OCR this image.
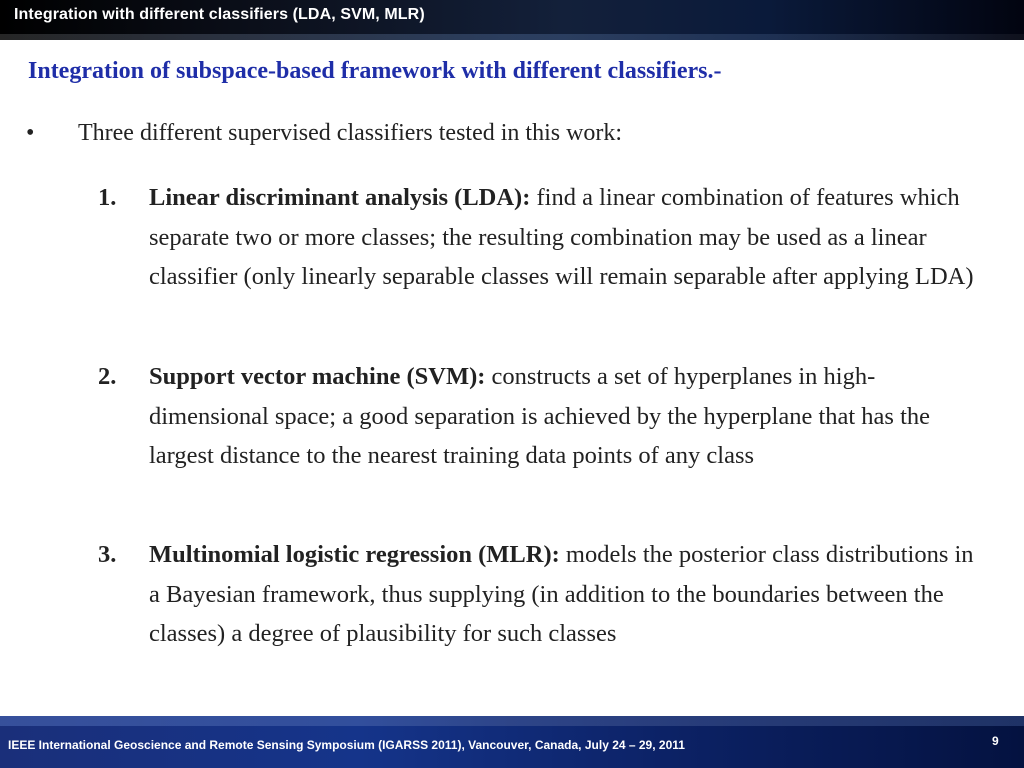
Integration with different classifiers (LDA, SVM, MLR)
Integration of subspace-based framework with different classifiers.-
• Three different supervised classifiers tested in this work:
1. Linear discriminant analysis (LDA): find a linear combination of features which separate two or more classes; the resulting combination may be used as a linear classifier (only linearly separable classes will remain separable after applying LDA)
2. Support vector machine (SVM): constructs a set of hyperplanes in high-dimensional space; a good separation is achieved by the hyperplane that has the largest distance to the nearest training data points of any class
3. Multinomial logistic regression (MLR): models the posterior class distributions in a Bayesian framework, thus supplying (in addition to the boundaries between the classes) a degree of plausibility for such classes
IEEE International Geoscience and Remote Sensing Symposium (IGARSS 2011), Vancouver, Canada, July 24 – 29, 2011	9
